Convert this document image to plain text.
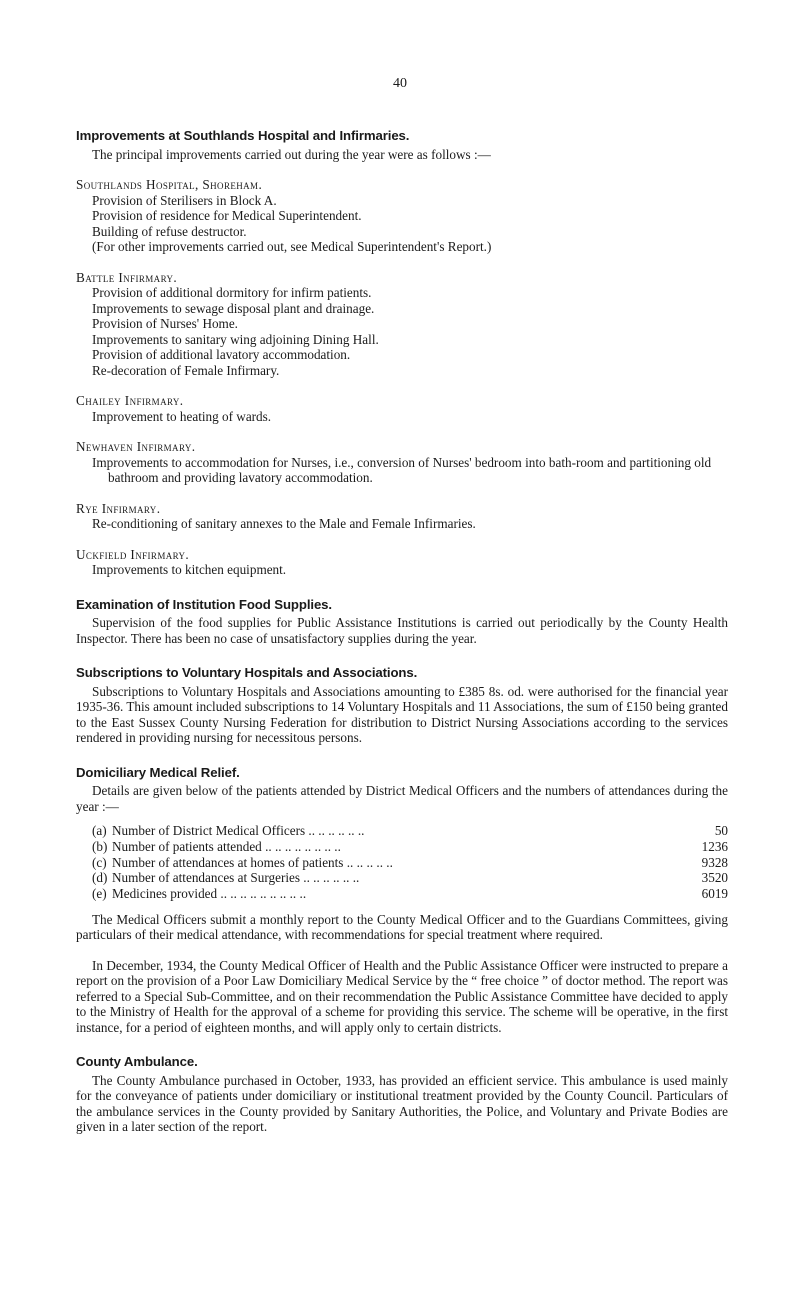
40
Improvements at Southlands Hospital and Infirmaries.

The principal improvements carried out during the year were as follows :—

Southlands Hospital, Shoreham.

Provision of Sterilisers in Block A.
Provision of residence for Medical Superintendent.
Building of refuse destructor.
(For other improvements carried out, see Medical Superintendent's Report.)

Battle Infirmary.

Provision of additional dormitory for infirm patients.
Improvements to sewage disposal plant and drainage.
Provision of Nurses' Home.
Improvements to sanitary wing adjoining Dining Hall.
Provision of additional lavatory accommodation.
Re-decoration of Female Infirmary.

Chailey Infirmary.

Improvement to heating of wards.

Newhaven Infirmary.

Improvements to accommodation for Nurses, i.e., conversion of Nurses' bedroom into bath-room and partitioning old bathroom and providing lavatory accommodation.

Rye Infirmary.

Re-conditioning of sanitary annexes to the Male and Female Infirmaries.

Uckfield Infirmary.

Improvements to kitchen equipment.
Examination of Institution Food Supplies.

Supervision of the food supplies for Public Assistance Institutions is carried out periodically by the County Health Inspector. There has been no case of unsatisfactory supplies during the year.

Subscriptions to Voluntary Hospitals and Associations.

Subscriptions to Voluntary Hospitals and Associations amounting to £385 8s. od. were authorised for the financial year 1935-36. This amount included subscriptions to 14 Voluntary Hospitals and 11 Associations, the sum of £150 being granted to the East Sussex County Nursing Federation for distribution to District Nursing Associations according to the services rendered in providing nursing for necessitous persons.

Domiciliary Medical Relief.

Details are given below of the patients attended by District Medical Officers and the numbers of attendances during the year :—

(a) Number of District Medical Officers .. .. .. .. .. ..	50
(b) Number of patients attended .. .. .. .. .. .. .. ..	1236
(c) Number of attendances at homes of patients .. .. .. .. ..	9328
(d) Number of attendances at Surgeries .. .. .. .. .. ..	3520
(e) Medicines provided .. .. .. .. .. .. .. .. ..	6019

The Medical Officers submit a monthly report to the County Medical Officer and to the Guardians Committees, giving particulars of their medical attendance, with recommendations for special treatment where required.

In December, 1934, the County Medical Officer of Health and the Public Assistance Officer were instructed to prepare a report on the provision of a Poor Law Domiciliary Medical Service by the “ free choice ” of doctor method. The report was referred to a Special Sub-Committee, and on their recommendation the Public Assistance Committee have decided to apply to the Ministry of Health for the approval of a scheme for providing this service. The scheme will be operative, in the first instance, for a period of eighteen months, and will apply only to certain districts.

County Ambulance.

The County Ambulance purchased in October, 1933, has provided an efficient service. This ambulance is used mainly for the conveyance of patients under domiciliary or institutional treatment provided by the County Council. Particulars of the ambulance services in the County provided by Sanitary Authorities, the Police, and Voluntary and Private Bodies are given in a later section of the report.
